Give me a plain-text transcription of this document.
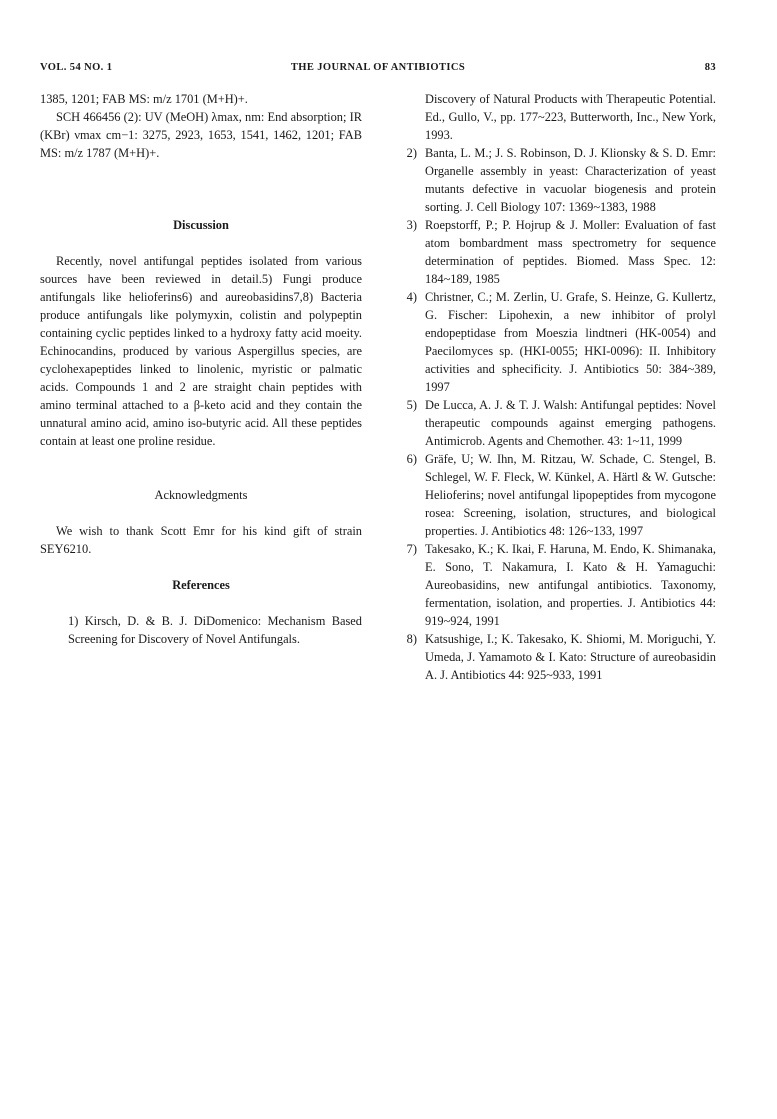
VOL. 54 NO. 1	THE JOURNAL OF ANTIBIOTICS	83

1385, 1201; FAB MS: m/z 1701 (M+H)+.

SCH 466456 (2): UV (MeOH) λmax, nm: End absorption; IR (KBr) νmax cm−1: 3275, 2923, 1653, 1541, 1462, 1201; FAB MS: m/z 1787 (M+H)+.

Discussion

Recently, novel antifungal peptides isolated from various sources have been reviewed in detail.5) Fungi produce antifungals like helioferins6) and aureobasidins7,8) Bacteria produce antifungals like polymyxin, colistin and polypeptin containing cyclic peptides linked to a hydroxy fatty acid moeity. Echinocandins, produced by various Aspergillus species, are cyclohexapeptides linked to linolenic, myristic or palmatic acids. Compounds 1 and 2 are straight chain peptides with amino terminal attached to a β-keto acid and they contain the unnatural amino acid, amino iso-butyric acid. All these peptides contain at least one proline residue.

Acknowledgments

We wish to thank Scott Emr for his kind gift of strain SEY6210.

References

1) Kirsch, D. & B. J. DiDomenico: Mechanism Based Screening for Discovery of Novel Antifungals.

Discovery of Natural Products with Therapeutic Potential. Ed., Gullo, V., pp. 177~223, Butterworth, Inc., New York, 1993.

2) Banta, L. M.; J. S. Robinson, D. J. Klionsky & S. D. Emr: Organelle assembly in yeast: Characterization of yeast mutants defective in vacuolar biogenesis and protein sorting. J. Cell Biology 107: 1369~1383, 1988
3) Roepstorff, P.; P. Hojrup & J. Moller: Evaluation of fast atom bombardment mass spectrometry for sequence determination of peptides. Biomed. Mass Spec. 12: 184~189, 1985
4) Christner, C.; M. Zerlin, U. Grafe, S. Heinze, G. Kullertz, G. Fischer: Lipohexin, a new inhibitor of prolyl endopeptidase from Moeszia lindtneri (HK-0054) and Paecilomyces sp. (HKI-0055; HKI-0096): II. Inhibitory activities and sphecificity. J. Antibiotics 50: 384~389, 1997
5) De Lucca, A. J. & T. J. Walsh: Antifungal peptides: Novel therapeutic compounds against emerging pathogens. Antimicrob. Agents and Chemother. 43: 1~11, 1999
6) Gräfe, U; W. Ihn, M. Ritzau, W. Schade, C. Stengel, B. Schlegel, W. F. Fleck, W. Künkel, A. Härtl & W. Gutsche: Helioferins; novel antifungal lipopeptides from mycogone rosea: Screening, isolation, structures, and biological properties. J. Antibiotics 48: 126~133, 1997
7) Takesako, K.; K. Ikai, F. Haruna, M. Endo, K. Shimanaka, E. Sono, T. Nakamura, I. Kato & H. Yamaguchi: Aureobasidins, new antifungal antibiotics. Taxonomy, fermentation, isolation, and properties. J. Antibiotics 44: 919~924, 1991
8) Katsushige, I.; K. Takesako, K. Shiomi, M. Moriguchi, Y. Umeda, J. Yamamoto & I. Kato: Structure of aureobasidin A. J. Antibiotics 44: 925~933, 1991
